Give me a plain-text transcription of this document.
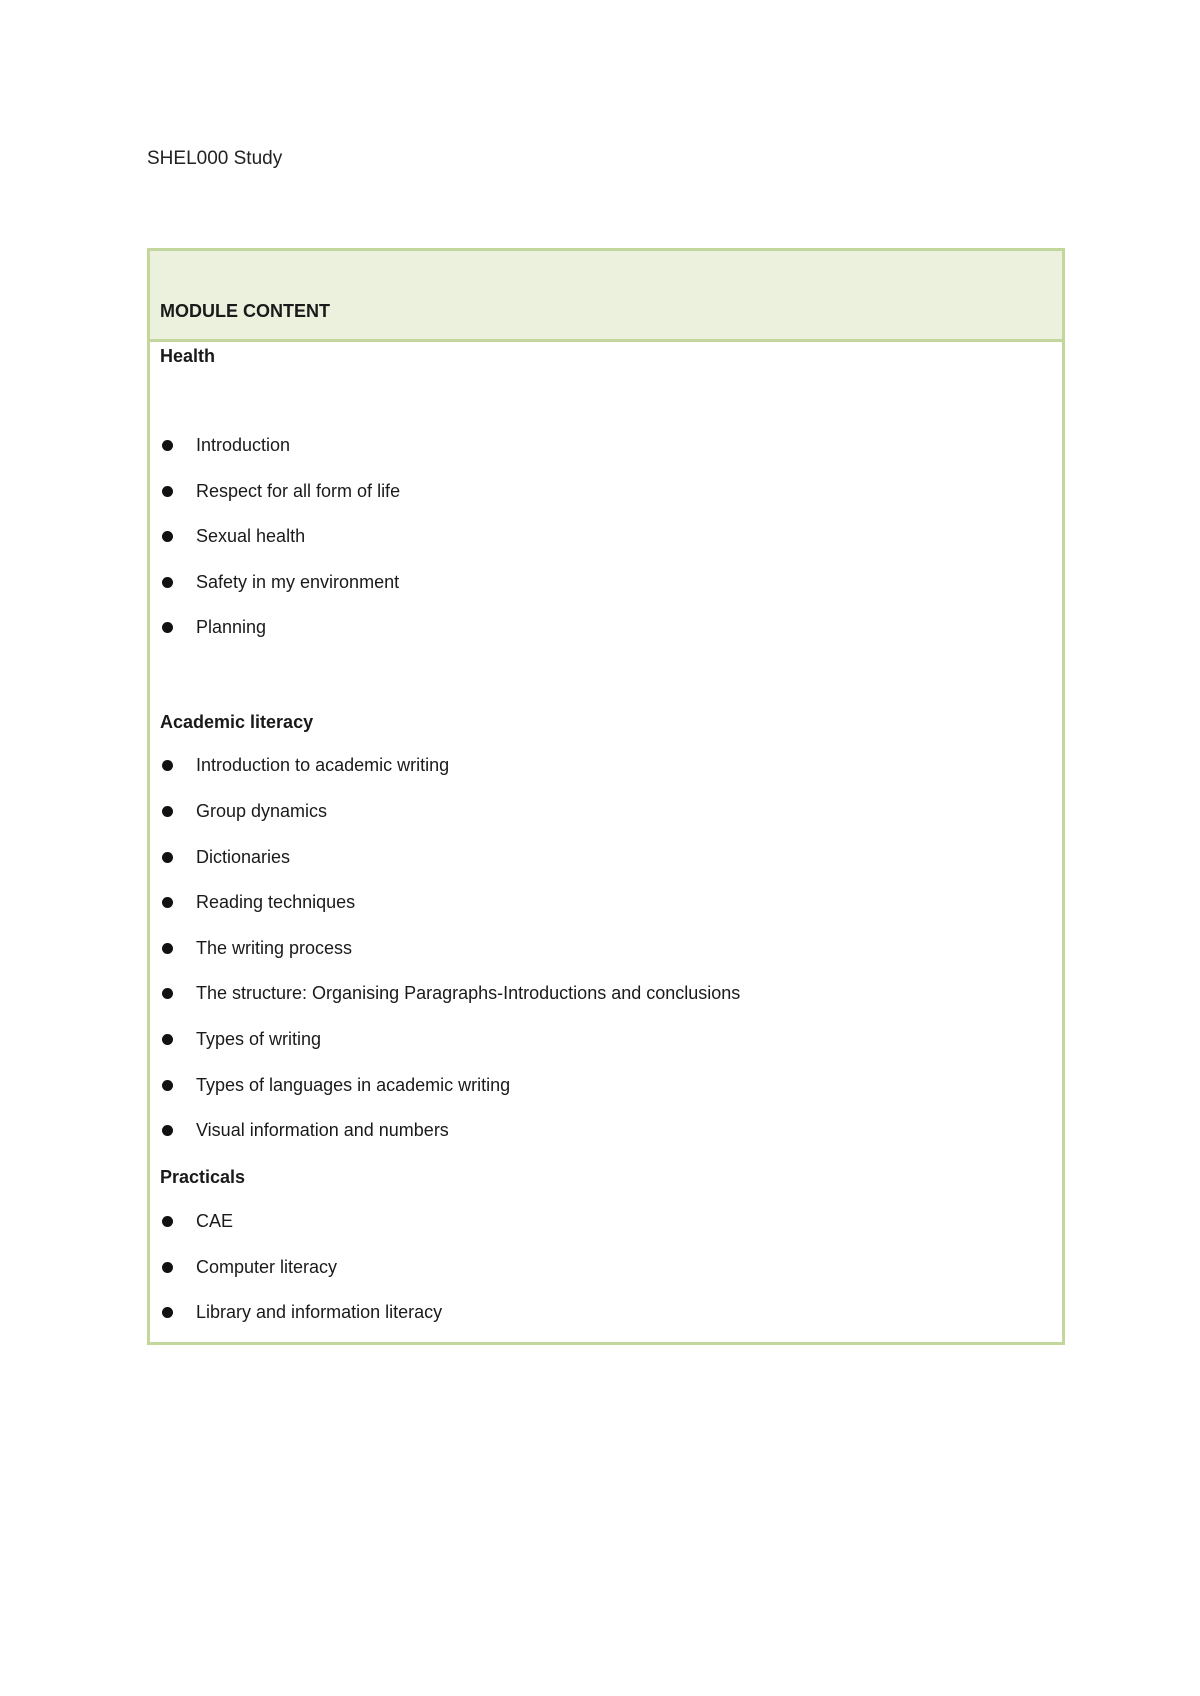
SHEL000 Study
MODULE CONTENT
Health
Introduction
Respect for all form of life
Sexual health
Safety in my environment
Planning
Academic literacy
Introduction to academic writing
Group dynamics
Dictionaries
Reading techniques
The writing process
The structure: Organising Paragraphs-Introductions and conclusions
Types of writing
Types of languages in academic writing
Visual information and numbers
Practicals
CAE
Computer literacy
Library and information literacy
